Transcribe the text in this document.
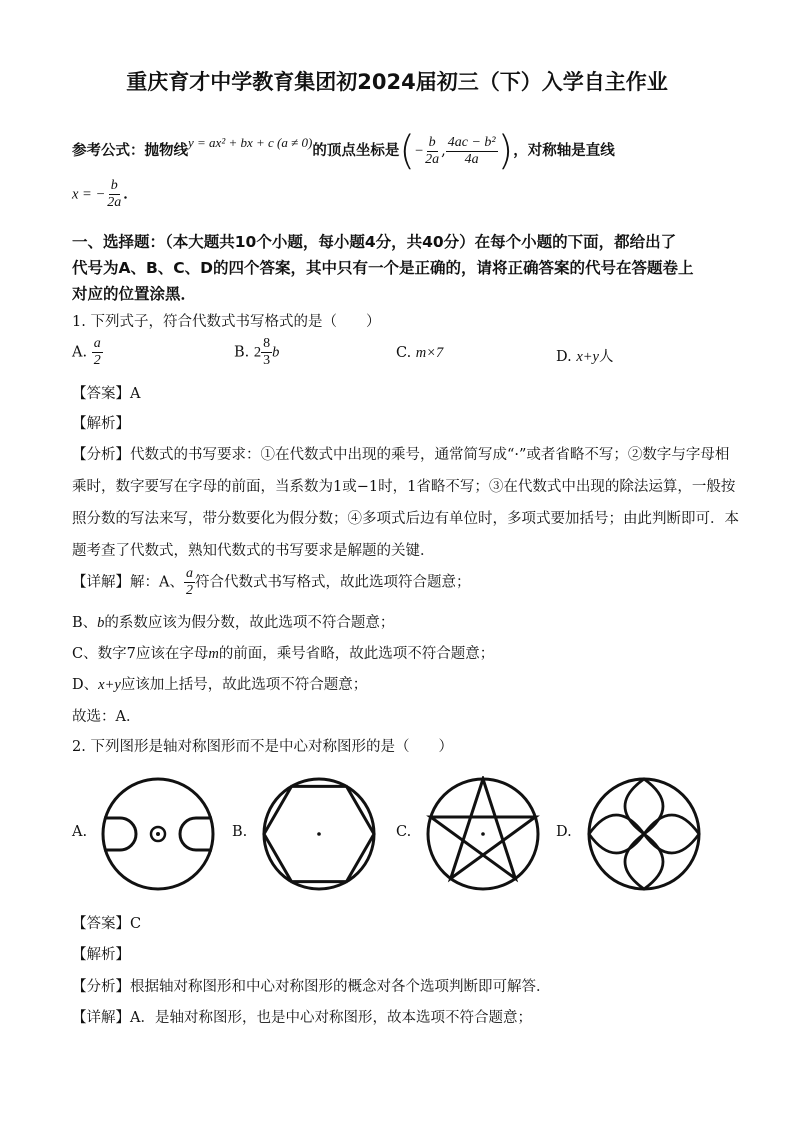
重庆育才中学教育集团初2024届初三（下）入学自主作业
参考公式：抛物线y = ax² + bx + c (a ≠ 0)的顶点坐标是(− $\frac{b}{2a}$ , $\frac{\text{4ac − b²}}{4a}$ )，对称轴是直线
x = − $\frac{b}{2a}$ ．
一、选择题：（本大题共10个小题，每小题4分，共40分）在每个小题的下面，都给出了
代号为A、B、C、D的四个答案，其中只有一个是正确的，请将正确答案的代号在答题卷上
对应的位置涂黑．
1. 下列式子，符合代数式书写格式的是（　　）
A. $\frac{a}{2}$	B. $2 \frac{8}{3}$ b	C. m×7	D. x+y人
【答案】A
【解析】
【分析】代数式的书写要求：①在代数式中出现的乘号，通常简写成“·”或者省略不写；②数字与字母相
乘时，数字要写在字母的前面，当系数为1或−1时，1省略不写；③在代数式中出现的除法运算，一般按
照分数的写法来写，带分数要化为假分数；④多项式后边有单位时，多项式要加括号；由此判断即可．本
题考查了代数式，熟知代数式的书写要求是解题的关键．
【详解】解：A、 $\frac{a}{2}$ 符合代数式书写格式，故此选项符合题意；
B、b的系数应该为假分数，故此选项不符合题意；
C、数字7应该在字母m的前面，乘号省略，故此选项不符合题意；
D、x+y应该加上括号，故此选项不符合题意；
故选：A．
2. 下列图形是轴对称图形而不是中心对称图形的是（　　）
A.	B.	C.	D.
【答案】C
【解析】
【分析】根据轴对称图形和中心对称图形的概念对各个选项判断即可解答．
【详解】A．是轴对称图形，也是中心对称图形，故本选项不符合题意；
